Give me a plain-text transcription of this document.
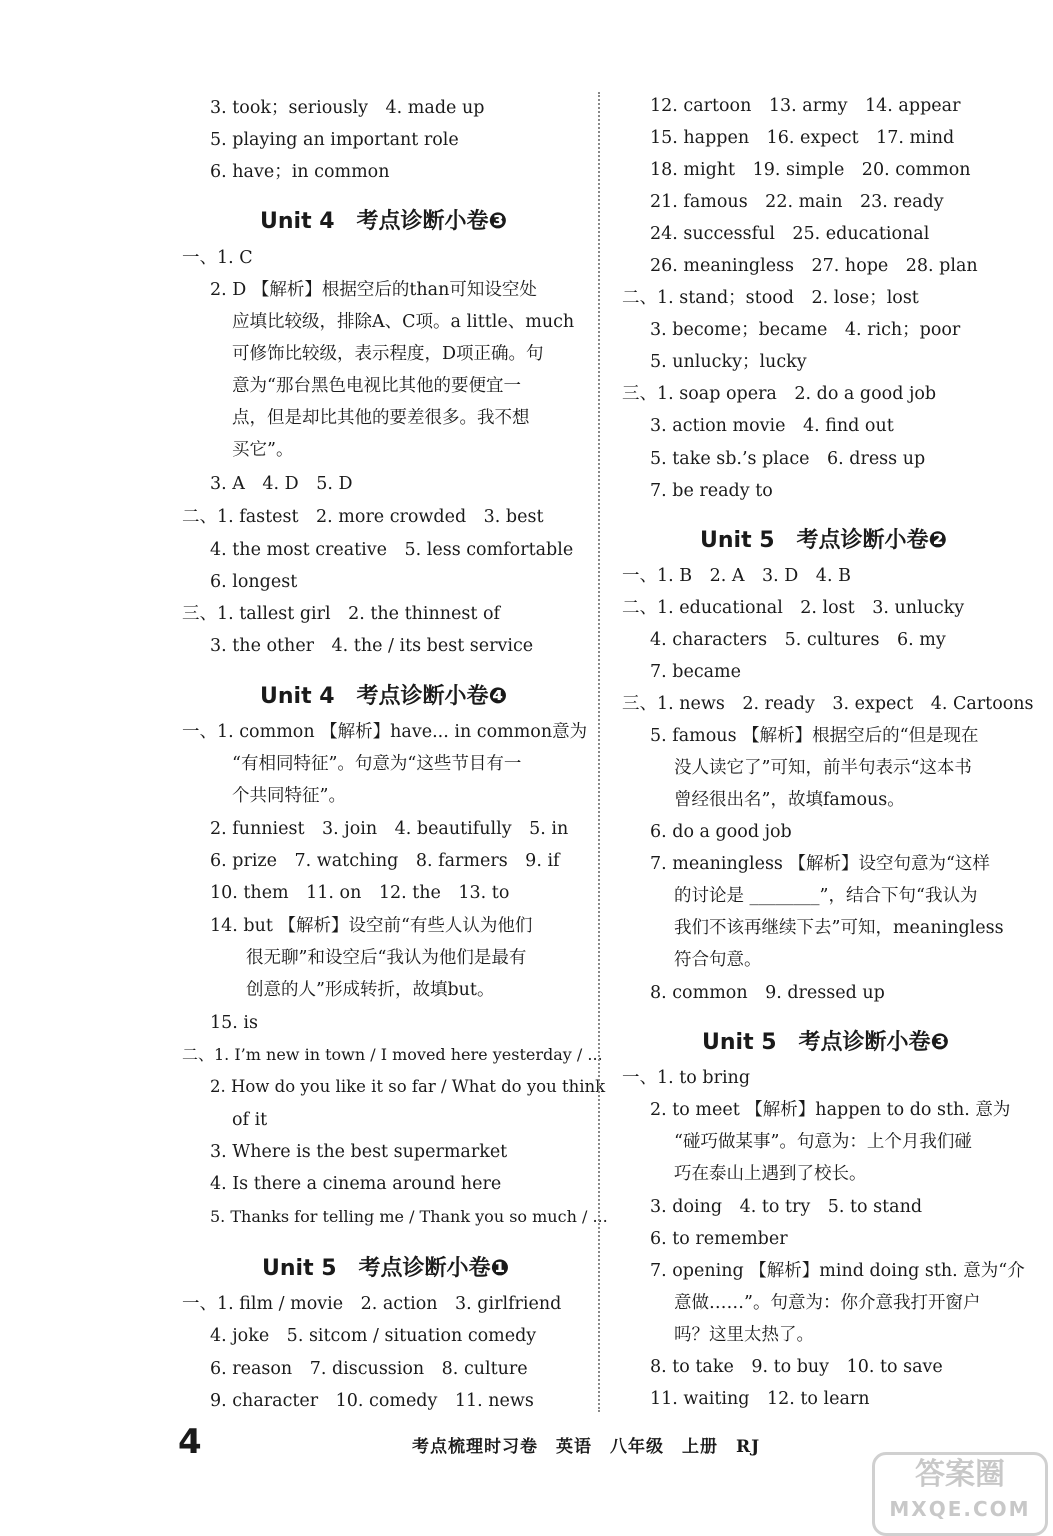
3. took；seriously　4. made up
5. playing an important role
6. have；in common
Unit 4　考点诊断小卷❸
一、1. C
2. D 【解析】根据空后的than可知设空处
应填比较级，排除A、C项。a little、much
可修饰比较级，表示程度，D项正确。句
意为“那台黑色电视比其他的要便宜一
点，但是却比其他的要差很多。我不想
买它”。
3. A　4. D　5. D
二、1. fastest　2. more crowded　3. best
4. the most creative　5. less comfortable
6. longest
三、1. tallest girl　2. the thinnest of
3. the other　4. the / its best service
Unit 4　考点诊断小卷❹
一、1. common 【解析】have... in common意为
“有相同特征”。句意为“这些节目有一
个共同特征”。
2. funniest　3. join　4. beautifully　5. in
6. prize　7. watching　8. farmers　9. if
10. them　11. on　12. the　13. to
14. but 【解析】设空前“有些人认为他们
很无聊”和设空后“我认为他们是最有
创意的人”形成转折，故填but。
15. is
二、1. I’m new in town / I moved here yesterday / ...
2. How do you like it so far / What do you think
of it
3. Where is the best supermarket
4. Is there a cinema around here
5. Thanks for telling me / Thank you so much / ...
Unit 5　考点诊断小卷❶
一、1. film / movie　2. action　3. girlfriend
4. joke　5. sitcom / situation comedy
6. reason　7. discussion　8. culture
9. character　10. comedy　11. news
12. cartoon　13. army　14. appear
15. happen　16. expect　17. mind
18. might　19. simple　20. common
21. famous　22. main　23. ready
24. successful　25. educational
26. meaningless　27. hope　28. plan
二、1. stand；stood　2. lose；lost
3. become；became　4. rich；poor
5. unlucky；lucky
三、1. soap opera　2. do a good job
3. action movie　4. find out
5. take sb.’s place　6. dress up
7. be ready to
Unit 5　考点诊断小卷❷
一、1. B　2. A　3. D　4. B
二、1. educational　2. lost　3. unlucky
4. characters　5. cultures　6. my
7. became
三、1. news　2. ready　3. expect　4. Cartoons
5. famous 【解析】根据空后的“但是现在
没人读它了”可知，前半句表示“这本书
曾经很出名”，故填famous。
6. do a good job
7. meaningless 【解析】设空句意为“这样
的讨论是 ________”，结合下句“我认为
我们不该再继续下去”可知，meaningless
符合句意。
8. common　9. dressed up
Unit 5　考点诊断小卷❸
一、1. to bring
2. to meet 【解析】happen to do sth. 意为
“碰巧做某事”。句意为：上个月我们碰
巧在泰山上遇到了校长。
3. doing　4. to try　5. to stand
6. to remember
7. opening 【解析】mind doing sth. 意为“介
意做……”。句意为：你介意我打开窗户
吗？这里太热了。
8. to take　9. to buy　10. to save
11. waiting　12. to learn
4	考点梳理时习卷　英语　八年级　上册　RJ
答案圈
MXQE.COM
